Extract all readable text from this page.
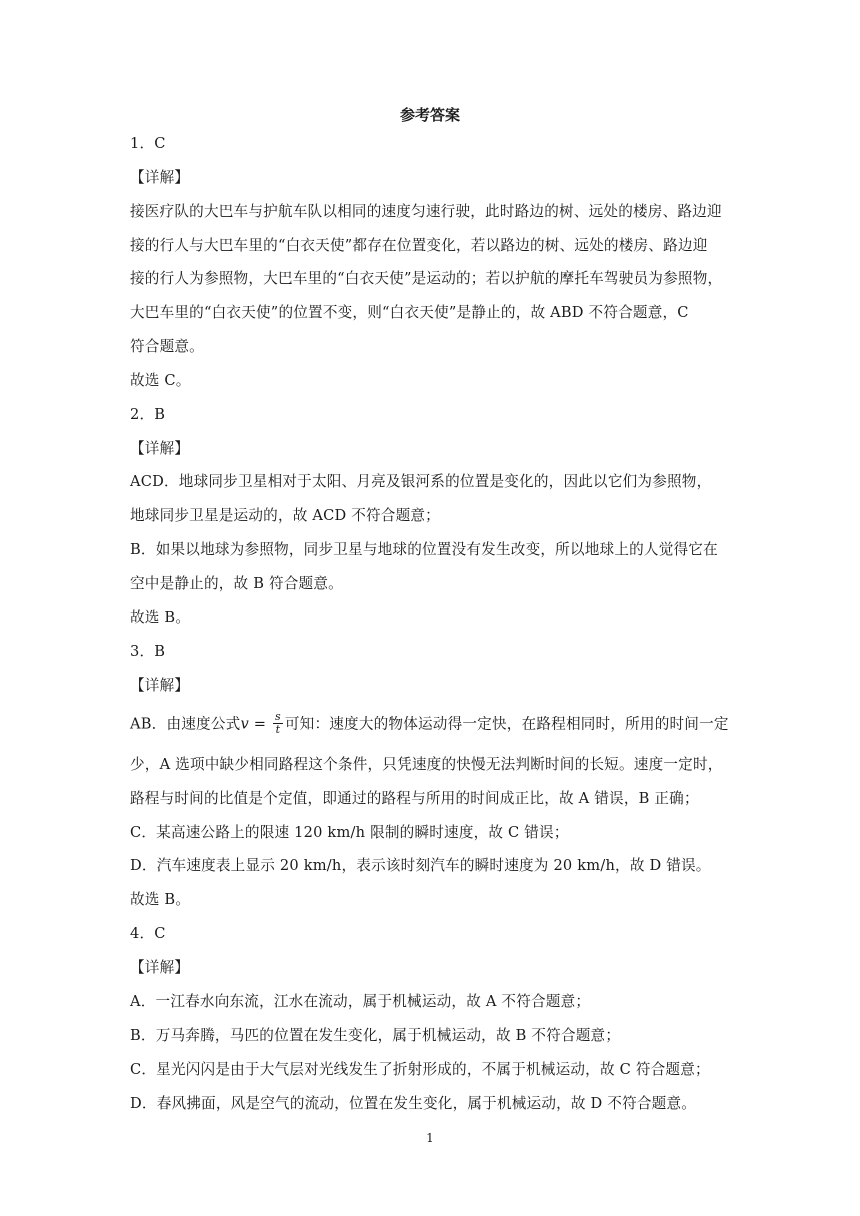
参考答案
1．C
【详解】
接医疗队的大巴车与护航车队以相同的速度匀速行驶，此时路边的树、远处的楼房、路边迎
接的行人与大巴车里的“白衣天使”都存在位置变化，若以路边的树、远处的楼房、路边迎
接的行人为参照物，大巴车里的“白衣天使”是运动的；若以护航的摩托车驾驶员为参照物，
大巴车里的“白衣天使”的位置不变，则“白衣天使”是静止的，故 ABD 不符合题意，C
符合题意。
故选 C。
2．B
【详解】
ACD．地球同步卫星相对于太阳、月亮及银河系的位置是变化的，因此以它们为参照物，
地球同步卫星是运动的，故 ACD 不符合题意；
B．如果以地球为参照物，同步卫星与地球的位置没有发生改变，所以地球上的人觉得它在
空中是静止的，故 B 符合题意。
故选 B。
3．B
【详解】
AB．由速度公式$v = \frac{s}{t}$ 可知：速度大的物体运动得一定快，在路程相同时，所用的时间一定
少，A 选项中缺少相同路程这个条件，只凭速度的快慢无法判断时间的长短。速度一定时，
路程与时间的比值是个定值，即通过的路程与所用的时间成正比，故 A 错误，B 正确；
C．某高速公路上的限速 120 km/h 限制的瞬时速度，故 C 错误；
D．汽车速度表上显示 20 km/h，表示该时刻汽车的瞬时速度为 20 km/h，故 D 错误。
故选 B。
4．C
【详解】
A．一江春水向东流，江水在流动，属于机械运动，故 A 不符合题意；
B．万马奔腾，马匹的位置在发生变化，属于机械运动，故 B 不符合题意；
C．星光闪闪是由于大气层对光线发生了折射形成的，不属于机械运动，故 C 符合题意；
D．春风拂面，风是空气的流动，位置在发生变化，属于机械运动，故 D 不符合题意。
1
